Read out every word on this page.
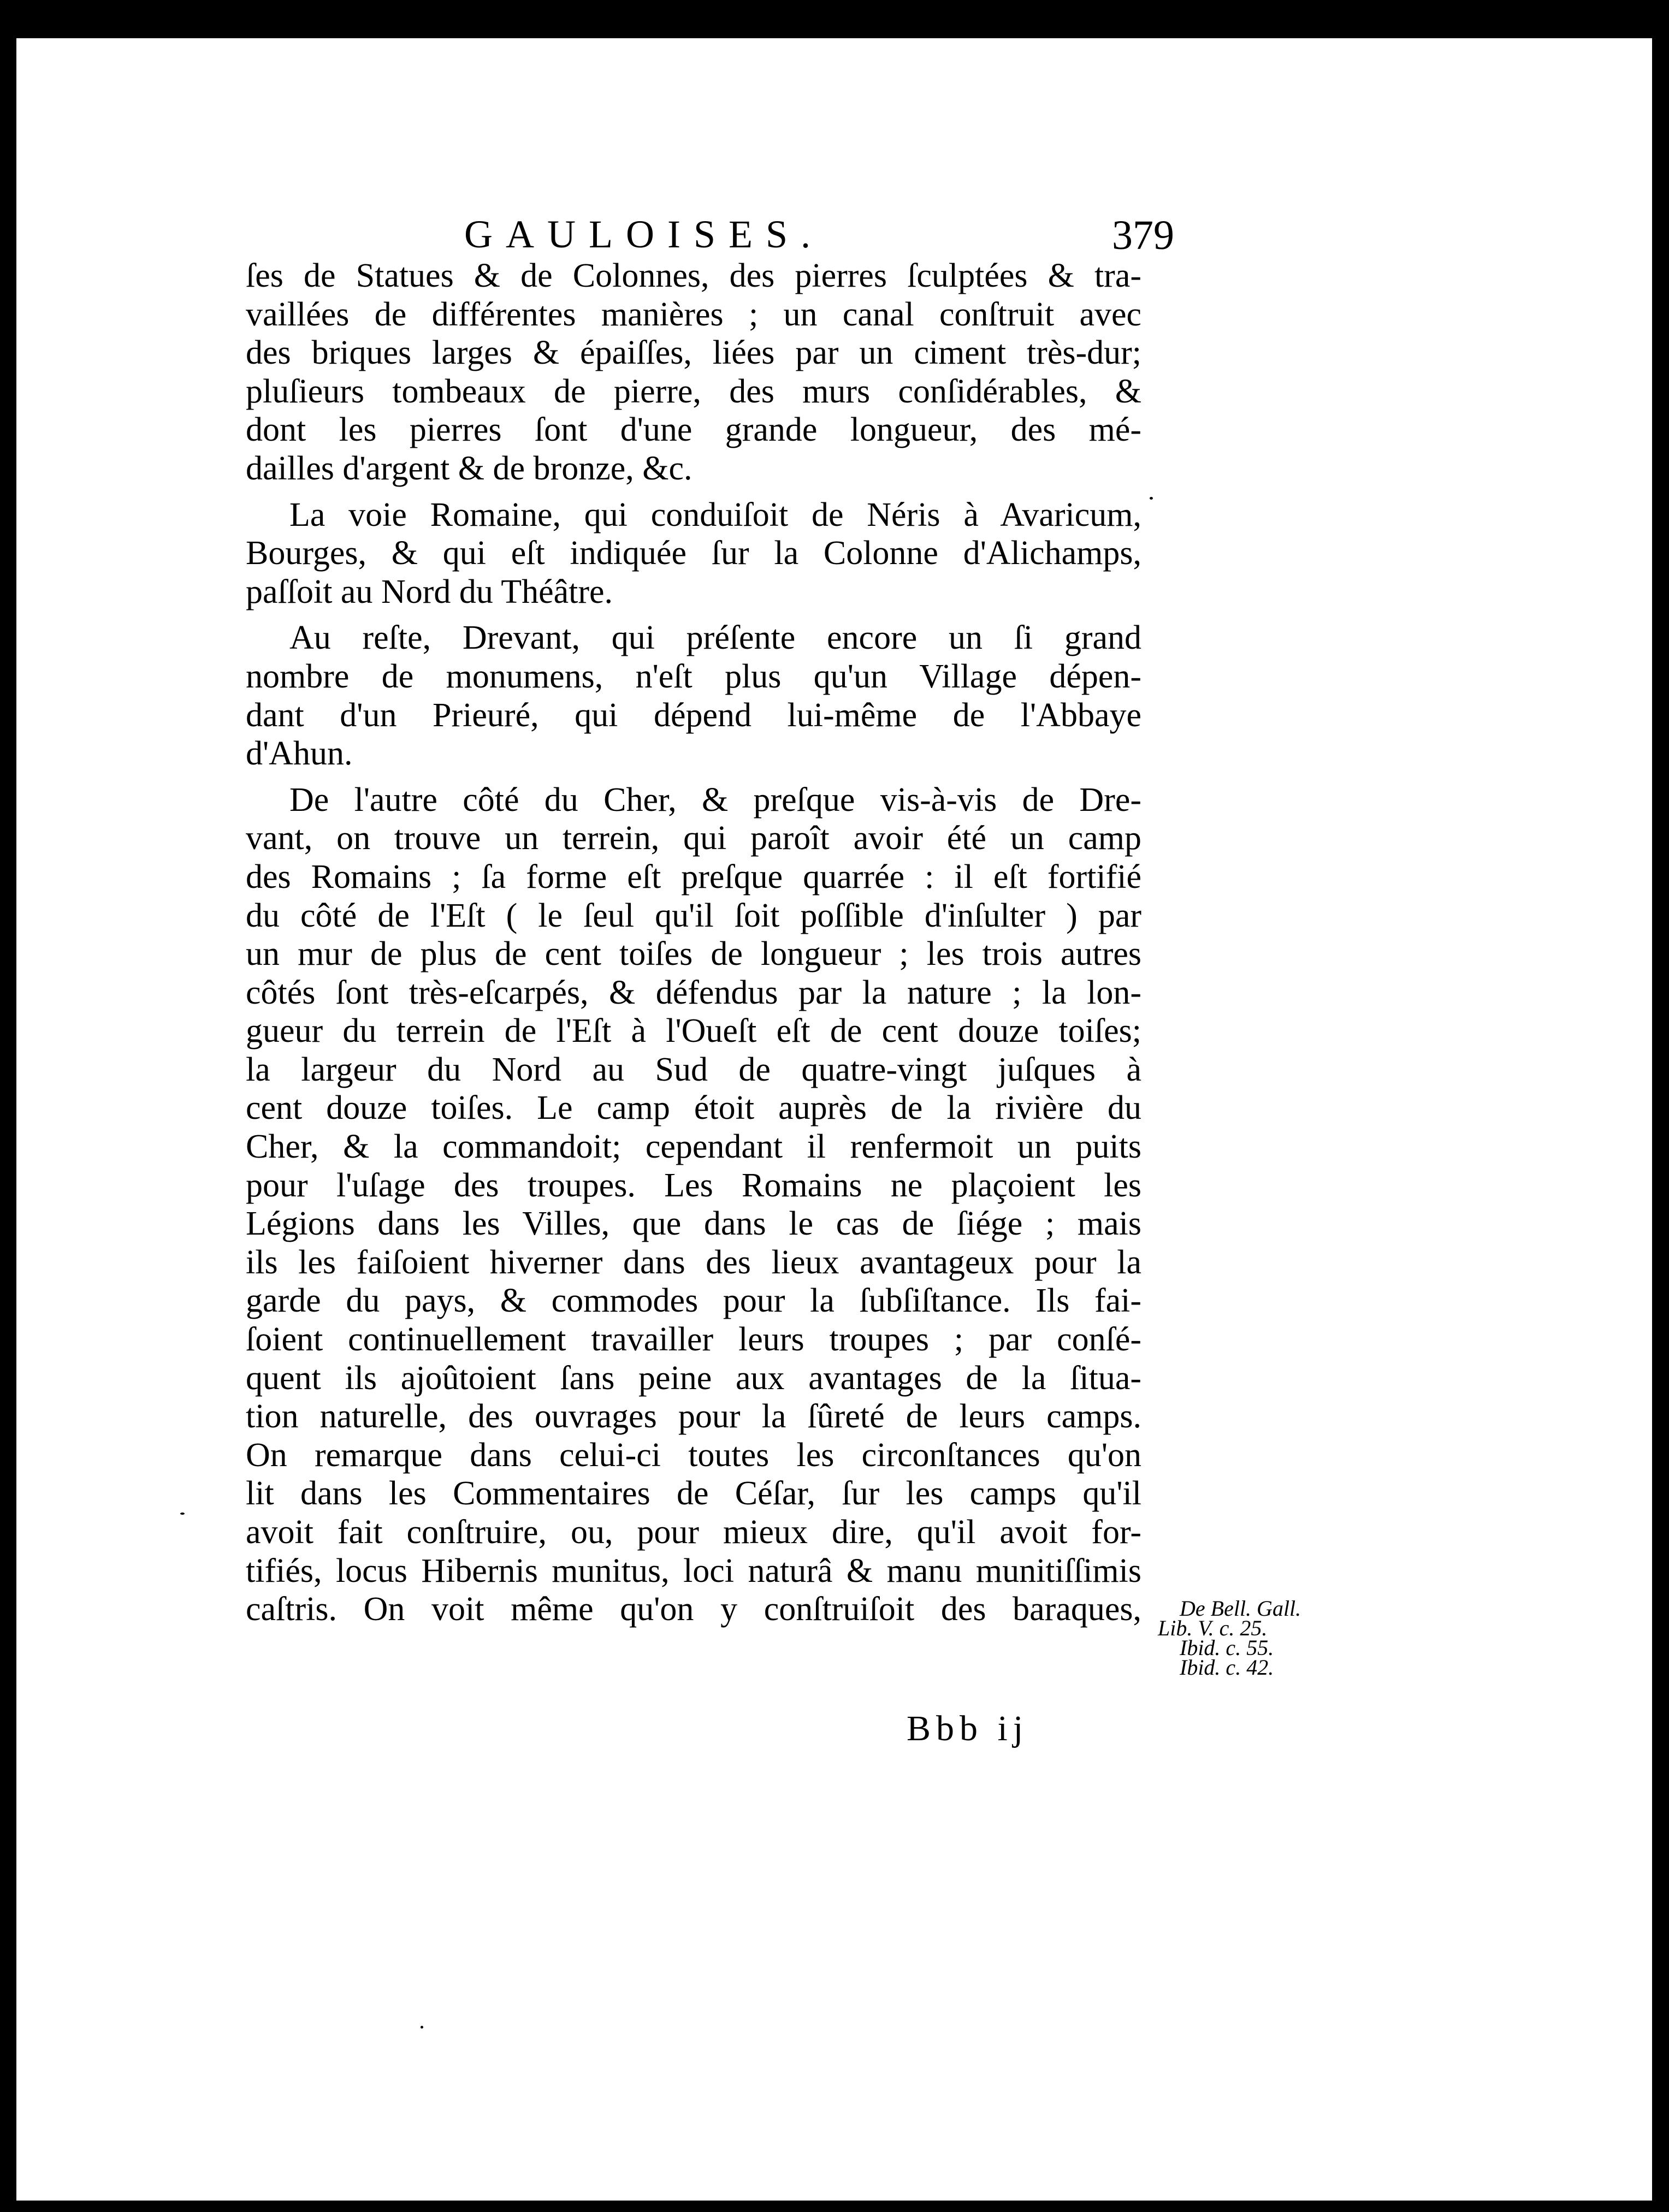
GAULOISES.	379
ſes de Statues & de Colonnes, des pierres ſculptées & tra-
vaillées de différentes manières ; un canal conſtruit avec
des briques larges & épaiſſes, liées par un ciment très-dur;
pluſieurs tombeaux de pierre, des murs conſidérables, &
dont les pierres ſont d'une grande longueur, des mé-
dailles d'argent & de bronze, &c.
La voie Romaine, qui conduiſoit de Néris à Avaricum,
Bourges, & qui eſt indiquée ſur la Colonne d'Alichamps,
paſſoit au Nord du Théâtre.
Au reſte, Drevant, qui préſente encore un ſi grand
nombre de monumens, n'eſt plus qu'un Village dépen-
dant d'un Prieuré, qui dépend lui-même de l'Abbaye
d'Ahun.
De l'autre côté du Cher, & preſque vis-à-vis de Dre-
vant, on trouve un terrein, qui paroît avoir été un camp
des Romains ; ſa forme eſt preſque quarrée : il eſt fortifié
du côté de l'Eſt ( le ſeul qu'il ſoit poſſible d'inſulter ) par
un mur de plus de cent toiſes de longueur ; les trois autres
côtés ſont très-eſcarpés, & défendus par la nature ; la lon-
gueur du terrein de l'Eſt à l'Oueſt eſt de cent douze toiſes;
la largeur du Nord au Sud de quatre-vingt juſques à
cent douze toiſes. Le camp étoit auprès de la rivière du
Cher, & la commandoit; cependant il renfermoit un puits
pour l'uſage des troupes. Les Romains ne plaçoient les
Légions dans les Villes, que dans le cas de ſiége ; mais
ils les faiſoient hiverner dans des lieux avantageux pour la
garde du pays, & commodes pour la ſubſiſtance. Ils fai-
ſoient continuellement travailler leurs troupes ; par conſé-
quent ils ajoûtoient ſans peine aux avantages de la ſitua-
tion naturelle, des ouvrages pour la ſûreté de leurs camps.
On remarque dans celui-ci toutes les circonſtances qu'on
lit dans les Commentaires de Céſar, ſur les camps qu'il
avoit fait conſtruire, ou, pour mieux dire, qu'il avoit for-
tifiés, locus Hibernis munitus, loci naturâ & manu munitiſſimis
caſtris. On voit même qu'on y conſtruiſoit des baraques,	De Bell. Gall.
Lib. V. c. 25.
Ibid. c. 55.
Ibid. c. 42.
Bbb ij
